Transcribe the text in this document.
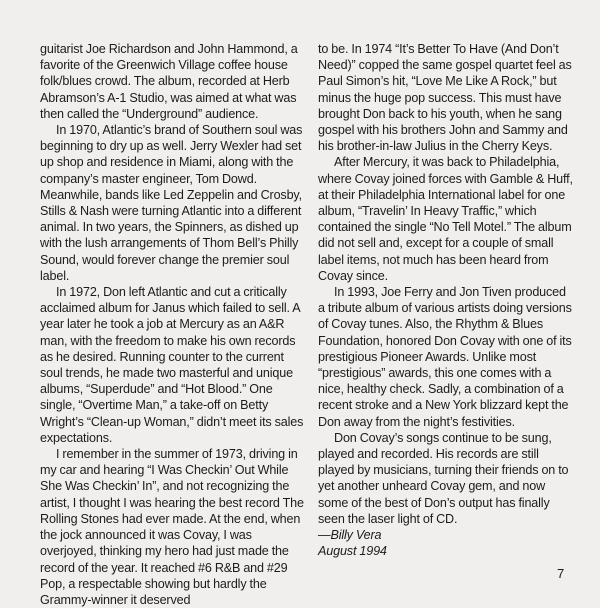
guitarist Joe Richardson and John Hammond, a favorite of the Greenwich Village coffee house folk/blues crowd. The album, recorded at Herb Abramson’s A-1 Studio, was aimed at what was then called the “Underground” audience.

In 1970, Atlantic’s brand of Southern soul was beginning to dry up as well. Jerry Wexler had set up shop and residence in Miami, along with the company’s master engineer, Tom Dowd. Meanwhile, bands like Led Zeppelin and Crosby, Stills & Nash were turning Atlantic into a different animal. In two years, the Spinners, as dished up with the lush arrangements of Thom Bell’s Philly Sound, would forever change the premier soul label.

In 1972, Don left Atlantic and cut a critically acclaimed album for Janus which failed to sell. A year later he took a job at Mercury as an A&R man, with the freedom to make his own records as he desired. Running counter to the current soul trends, he made two masterful and unique albums, “Superdude” and “Hot Blood.” One single, “Overtime Man,” a take-off on Betty Wright’s “Clean-up Woman,” didn’t meet its sales expectations.

I remember in the summer of 1973, driving in my car and hearing “I Was Checkin’ Out While She Was Checkin’ In”, and not recognizing the artist, I thought I was hearing the best record The Rolling Stones had ever made. At the end, when the jock announced it was Covay, I was overjoyed, thinking my hero had just made the record of the year. It reached #6 R&B and #29 Pop, a respectable showing but hardly the Grammy-winner it deserved

to be. In 1974 “It’s Better To Have (And Don’t Need)” copped the same gospel quartet feel as Paul Simon’s hit, “Love Me Like A Rock,” but minus the huge pop success. This must have brought Don back to his youth, when he sang gospel with his brothers John and Sammy and his brother-in-law Julius in the Cherry Keys.

After Mercury, it was back to Philadelphia, where Covay joined forces with Gamble & Huff, at their Philadelphia International label for one album, “Travelin’ In Heavy Traffic,” which contained the single “No Tell Motel.” The album did not sell and, except for a couple of small label items, not much has been heard from Covay since.

In 1993, Joe Ferry and Jon Tiven produced a tribute album of various artists doing versions of Covay tunes. Also, the Rhythm & Blues Foundation, honored Don Covay with one of its prestigious Pioneer Awards. Unlike most “prestigious” awards, this one comes with a nice, healthy check. Sadly, a combination of a recent stroke and a New York blizzard kept the Don away from the night’s festivities.

Don Covay’s songs continue to be sung, played and recorded. His records are still played by musicians, turning their friends on to yet another unheard Covay gem, and now some of the best of Don’s output has finally seen the laser light of CD.

—Billy Vera

August 1994

7
